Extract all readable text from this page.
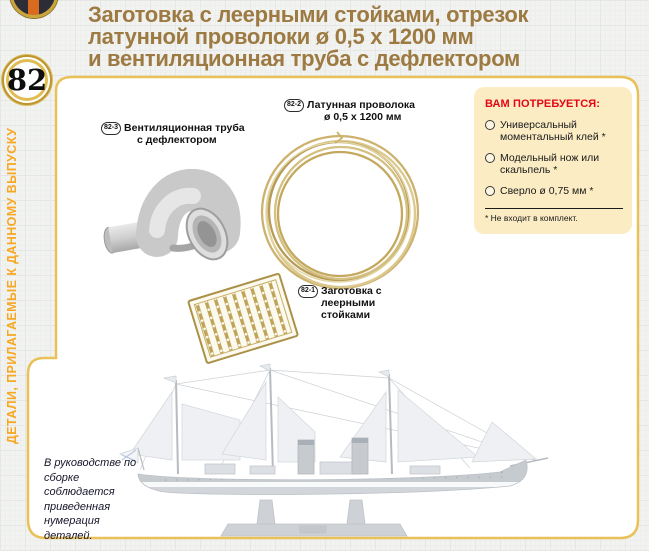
Заготовка с леерными стойками, отрезок
латунной проволоки ø 0,5 x 1200 мм
и вентиляционная труба с дефлектором
82
ДЕТАЛИ, ПРИЛАГАЕМЫЕ К ДАННОМУ ВЫПУСКУ
82-3 Вентиляционная труба
с дефлектором
82-2 Латунная проволока
ø 0,5 x 1200 мм
82-1 Заготовка с
леерными
стойками
ВАМ ПОТРЕБУЕТСЯ:
Универсальный моментальный клей *
Модельный нож или скальпель *
Сверло ø 0,75 мм *
* Не входит в комплект.
В руководстве по сборке соблюдается приведенная нумерация деталей.
